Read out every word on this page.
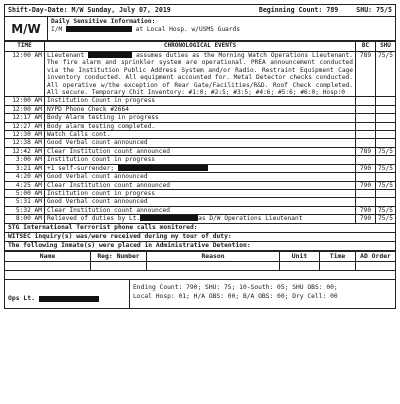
Shift-Day-Date: M/W Sunday, July 07, 2019	Beginning Count: 789	SHU: 75/5
M/W	Daily Sensitive Information:
I/M	at Local Hosp. w/USMS Guards
TIME	CHRONOLOGICAL EVENTS	BC	SHU
12:00 AM	Lieutenant assumes duties as the Morning Watch Operations Lieutenant. The fire alarm and sprinkler system are operational. PREA announcement conducted via the Institution Public Address System and/or Radio. Restraint Equipment Cage inventory conducted. All equipment accounted for. Metal Detector checks conducted. All operative w/the exception of Rear Gate/Facilities/R&D. Roof Check completed. All secure. Temporary Chit Inventory: #1:0; #2:5; #3:5; #4:6; #5:6; #6:0; Hosp:0	789	75/5
12:00 AM	Institution Count in progress		
12:00 AM	NYPD Phone Check #2664		
12:17 AM	Body Alarm testing in progress		
12:27 AM	Body alarm testing completed.		
12:30 AM	Watch Calls cont.		
12:38 AM	Good Verbal count announced		
12:42 AM	Clear Institution count announced	789	75/5
3:00 AM	Institution count in progress		
3:21 AM	+1 self-surrender;	790	75/5
4:20 AM	Good Verbal count announced		
4:25 AM	Clear Institution count announced	790	75/5
5:00 AM	Institution count in progress		
5:31 AM	Good Verbal count announced		
5:32 AM	Clear Institution count announced	790	75/5
8:00 AM	Relieved of duties by Lt. as D/W Operations Lieutenant	790	75/5
STG International Terrorist phone calls monitored:
WITSEC inquiry(s) was/were received during my tour of duty:
The following Inmate(s) were placed in Administrative Detention:
Name	Reg: Number	Reason	Unit	Time	AD Order

Ops Lt.

Ending Count: 790; SHU: 75; 10-South: 05; SHU OBS: 00;
Local Hosp: 01; H/A OBS: 00; B/A OBS: 00; Dry Cell: 00
